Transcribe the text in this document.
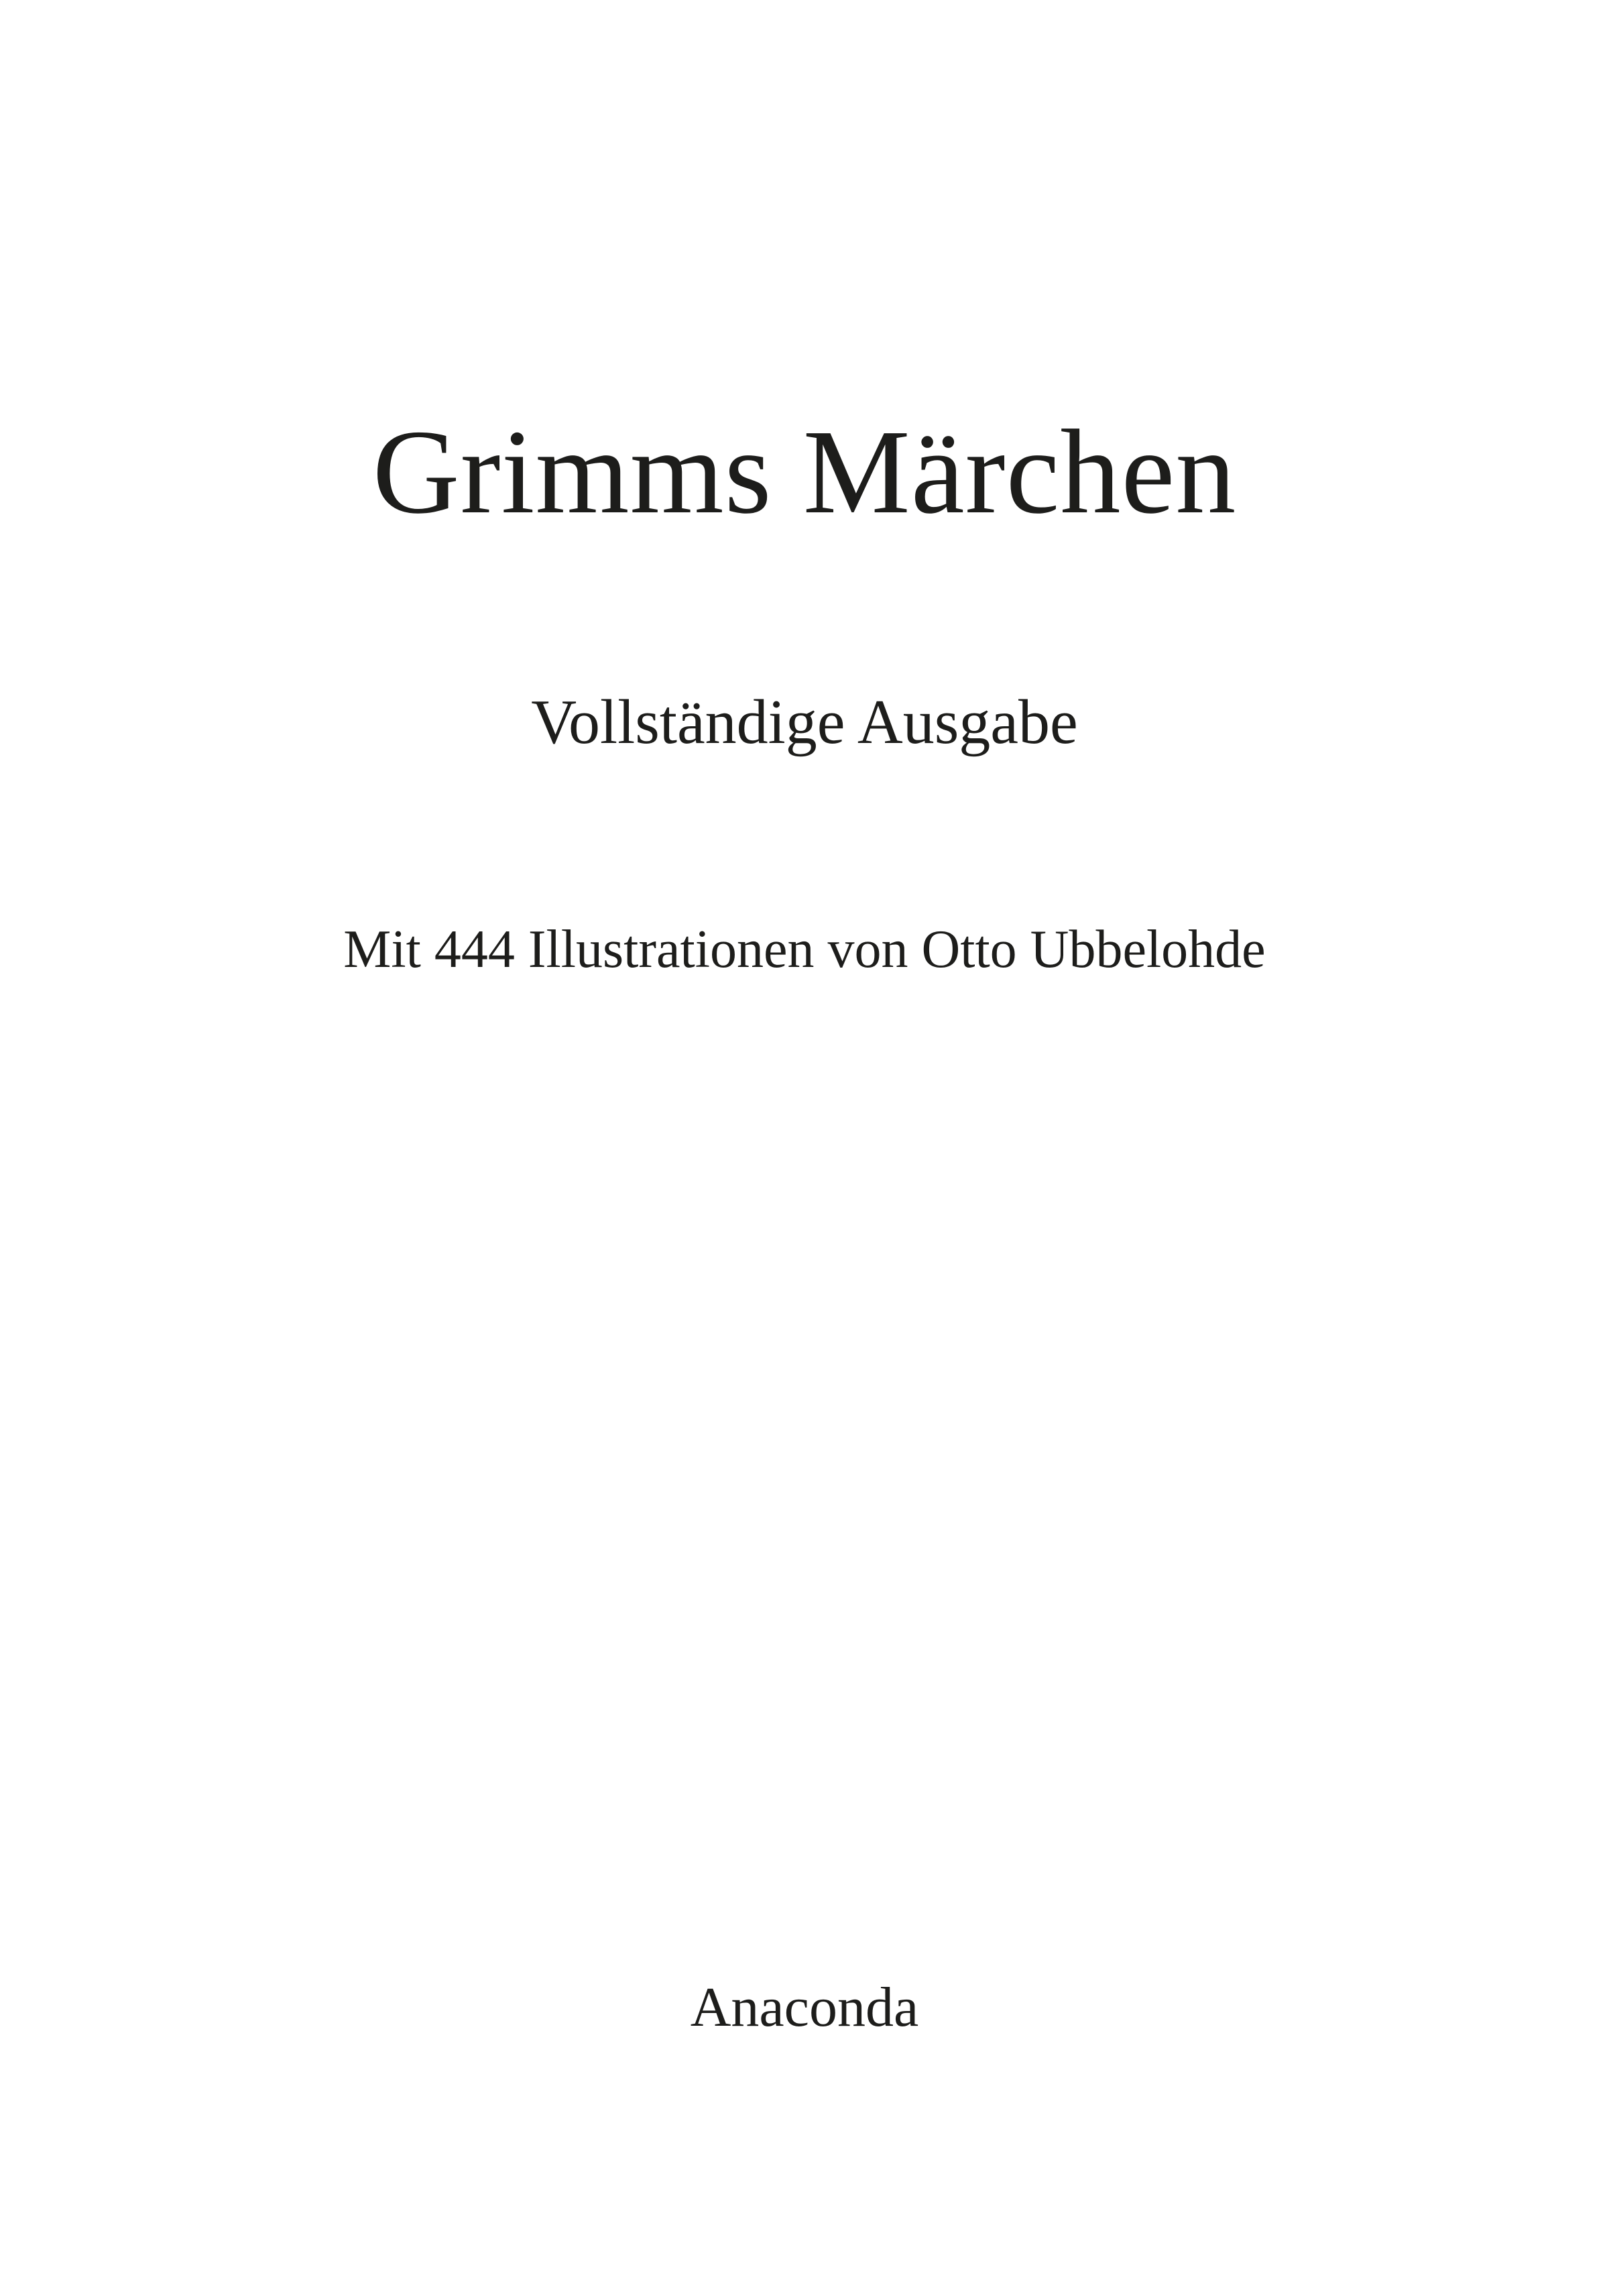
Grimms Märchen
Vollständige Ausgabe
Mit 444 Illustrationen von Otto Ubbelohde
Anaconda
